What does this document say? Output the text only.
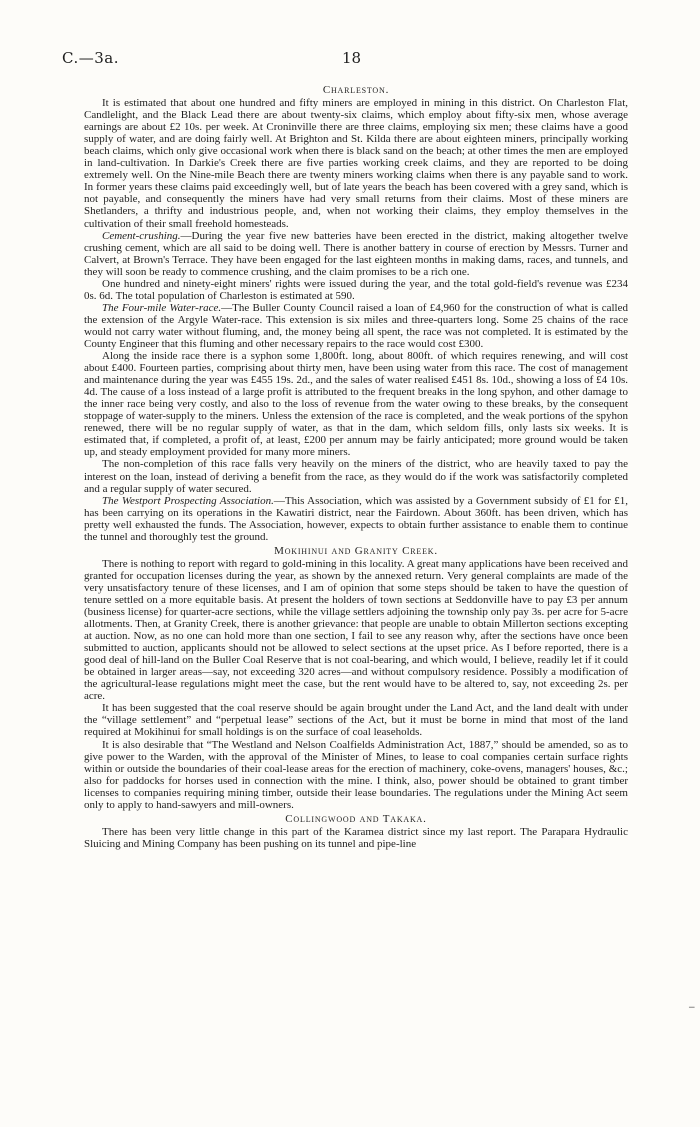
C.—3a.	18
Charleston.

It is estimated that about one hundred and fifty miners are employed in mining in this district. On Charleston Flat, Candlelight, and the Black Lead there are about twenty-six claims, which employ about fifty-six men, whose average earnings are about £2 10s. per week. At Croninville there are three claims, employing six men; these claims have a good supply of water, and are doing fairly well. At Brighton and St. Kilda there are about eighteen miners, principally working beach claims, which only give occasional work when there is black sand on the beach; at other times the men are employed in land-cultivation. In Darkie's Creek there are five parties working creek claims, and they are reported to be doing extremely well. On the Nine-mile Beach there are twenty miners working claims when there is any payable sand to work. In former years these claims paid exceedingly well, but of late years the beach has been covered with a grey sand, which is not payable, and consequently the miners have had very small returns from their claims. Most of these miners are Shetlanders, a thrifty and industrious people, and, when not working their claims, they employ themselves in the cultivation of their small freehold homesteads.

Cement-crushing.—During the year five new batteries have been erected in the district, making altogether twelve crushing cement, which are all said to be doing well. There is another battery in course of erection by Messrs. Turner and Calvert, at Brown's Terrace. They have been engaged for the last eighteen months in making dams, races, and tunnels, and they will soon be ready to commence crushing, and the claim promises to be a rich one.

One hundred and ninety-eight miners' rights were issued during the year, and the total gold-field's revenue was £234 0s. 6d. The total population of Charleston is estimated at 590.

The Four-mile Water-race.—The Buller County Council raised a loan of £4,960 for the construction of what is called the extension of the Argyle Water-race. This extension is six miles and three-quarters long. Some 25 chains of the race would not carry water without fluming, and, the money being all spent, the race was not completed. It is estimated by the County Engineer that this fluming and other necessary repairs to the race would cost £300.

Along the inside race there is a syphon some 1,800ft. long, about 800ft. of which requires renewing, and will cost about £400. Fourteen parties, comprising about thirty men, have been using water from this race. The cost of management and maintenance during the year was £455 19s. 2d., and the sales of water realised £451 8s. 10d., showing a loss of £4 10s. 4d. The cause of a loss instead of a large profit is attributed to the frequent breaks in the long spyhon, and other damage to the inner race being very costly, and also to the loss of revenue from the water owing to these breaks, by the consequent stoppage of water-supply to the miners. Unless the extension of the race is completed, and the weak portions of the spyhon renewed, there will be no regular supply of water, as that in the dam, which seldom fills, only lasts six weeks. It is estimated that, if completed, a profit of, at least, £200 per annum may be fairly anticipated; more ground would be taken up, and steady employment provided for many more miners.

The non-completion of this race falls very heavily on the miners of the district, who are heavily taxed to pay the interest on the loan, instead of deriving a benefit from the race, as they would do if the work was satisfactorily completed and a regular supply of water secured.

The Westport Prospecting Association.—This Association, which was assisted by a Government subsidy of £1 for £1, has been carrying on its operations in the Kawatiri district, near the Fairdown. About 360ft. has been driven, which has pretty well exhausted the funds. The Association, however, expects to obtain further assistance to enable them to continue the tunnel and thoroughly test the ground.

Mokihinui and Granity Creek.

There is nothing to report with regard to gold-mining in this locality. A great many applications have been received and granted for occupation licenses during the year, as shown by the annexed return. Very general complaints are made of the very unsatisfactory tenure of these licenses, and I am of opinion that some steps should be taken to have the question of tenure settled on a more equitable basis. At present the holders of town sections at Seddonville have to pay £3 per annum (business license) for quarter-acre sections, while the village settlers adjoining the township only pay 3s. per acre for 5-acre allotments. Then, at Granity Creek, there is another grievance: that people are unable to obtain Millerton sections excepting at auction. Now, as no one can hold more than one section, I fail to see any reason why, after the sections have once been submitted to auction, applicants should not be allowed to select sections at the upset price. As I before reported, there is a good deal of hill-land on the Buller Coal Reserve that is not coal-bearing, and which would, I believe, readily let if it could be obtained in larger areas—say, not exceeding 320 acres—and without compulsory residence. Possibly a modification of the agricultural-lease regulations might meet the case, but the rent would have to be altered to, say, not exceeding 2s. per acre.

It has been suggested that the coal reserve should be again brought under the Land Act, and the land dealt with under the “village settlement” and “perpetual lease” sections of the Act, but it must be borne in mind that most of the land required at Mokihinui for small holdings is on the surface of coal leaseholds.

It is also desirable that “The Westland and Nelson Coalfields Administration Act, 1887,” should be amended, so as to give power to the Warden, with the approval of the Minister of Mines, to lease to coal companies certain surface rights within or outside the boundaries of their coal-lease areas for the erection of machinery, coke-ovens, managers' houses, &c.; also for paddocks for horses used in connection with the mine. I think, also, power should be obtained to grant timber licenses to companies requiring mining timber, outside their lease boundaries. The regulations under the Mining Act seem only to apply to hand-sawyers and mill-owners.

Collingwood and Takaka.

There has been very little change in this part of the Karamea district since my last report. The Parapara Hydraulic Sluicing and Mining Company has been pushing on its tunnel and pipe-line

−
